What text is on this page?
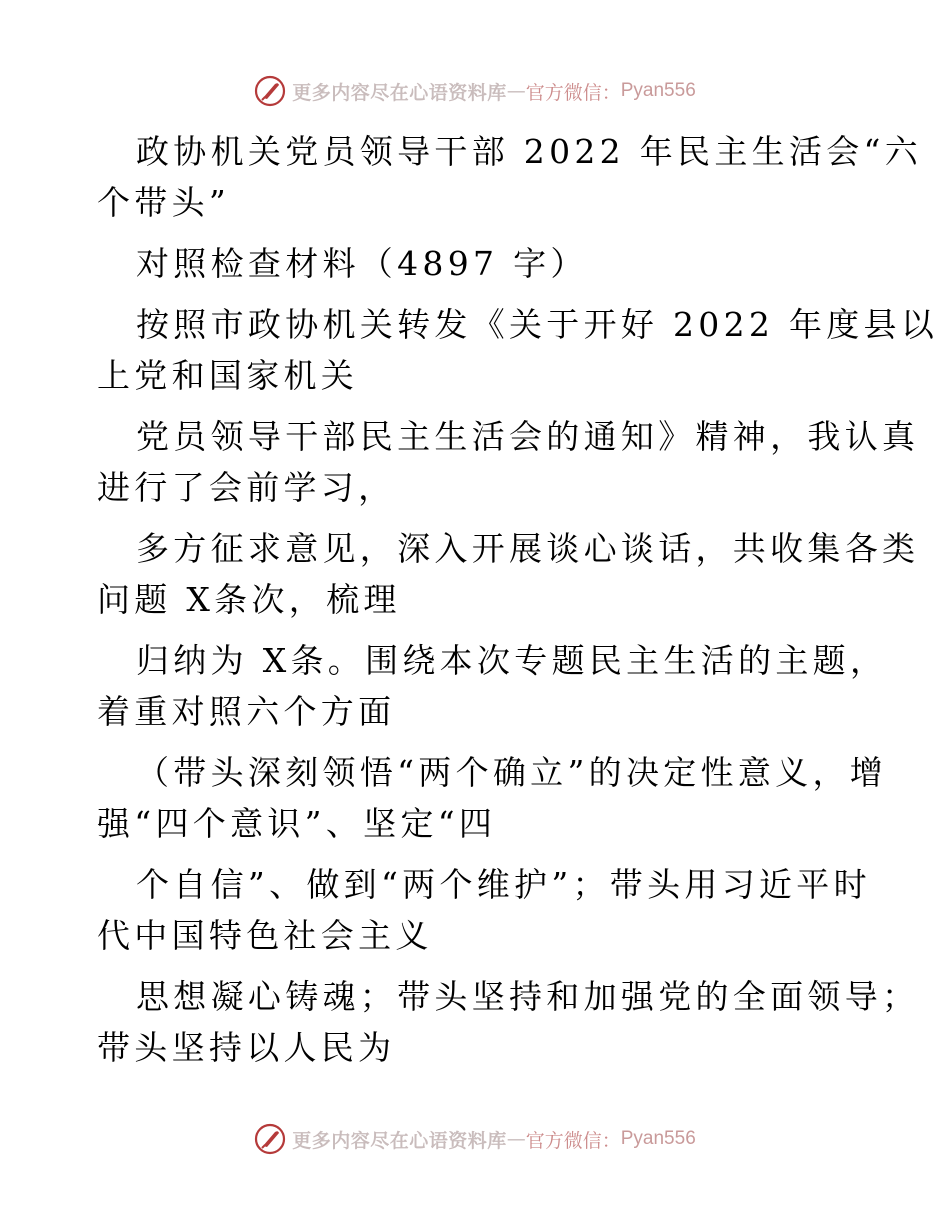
更多内容尽在心语资料库 — 官方微信： Pyan556
政协机关党员领导干部 2022 年民主生活会“六
个带头”
对照检查材料（4897 字）
按照市政协机关转发《关于开好 2022 年度县以
上党和国家机关
党员领导干部民主生活会的通知》精神，我认真
进行了会前学习，
多方征求意见，深入开展谈心谈话，共收集各类
问题 X条次，梳理
归纳为 X条。围绕本次专题民主生活的主题，
着重对照六个方面
（带头深刻领悟“两个确立”的决定性意义，增
强“四个意识”、坚定“四
个自信”、做到“两个维护”；带头用习近平时
代中国特色社会主义
思想凝心铸魂；带头坚持和加强党的全面领导；
带头坚持以人民为
更多内容尽在心语资料库 — 官方微信： Pyan556
